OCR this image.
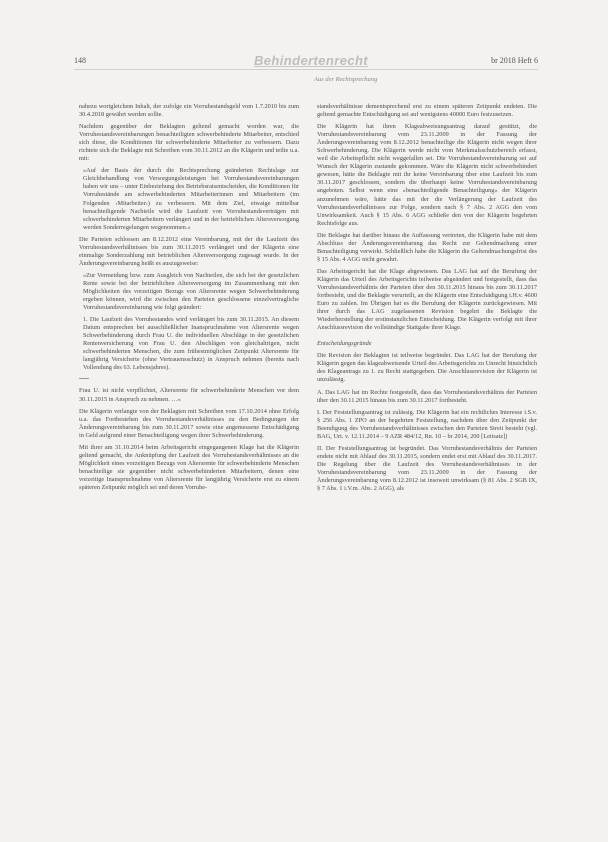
148	Behindertenrecht	br 2018 Heft 6
Aus der Rechtsprechung

nahezu wortgleichem Inhalt, der zufolge ein Vorruhestandsgeld vom 1.7.2010 bis zum 30.4.2018 gewährt werden sollte.

Nachdem gegenüber der Beklagten geltend gemacht worden war, die Vorruhestandsvereinbarungen benachteiligten schwerbehinderte Mitarbeiter, entschied sich diese, die Konditionen für schwerbehinderte Mitarbeiter zu verbessern. Dazu richtete sich die Beklagte mit Schreiben vom 30.11.2012 an die Klägerin und teilte u.a. mit:

»Auf der Basis der durch die Rechtsprechung geänderten Rechtslage zur Gleichbehandlung von Versorgungsleistungen bei Vorruhestandsvereinbarungen haben wir uns – unter Einbeziehung des Betriebsratsentscheiden, die Konditionen für Vorruhestände am schwerbehinderten Mitarbeiterinnen und Mitarbeitern (im Folgenden ›Mitarbeiter‹) zu verbessern. Mit dem Ziel, etwaige mittelbar benachteiligende Nachteile wird die Laufzeit von Vorruhestandsverträgen mit schwerbehinderten Mitarbeitern verlängert und in der betrieblichen Altersversorgung werden Sonderregelungen wegenommen.«

Die Parteien schlossen am 8.12.2012 eine Vereinbarung, mit der die Laufzeit des Vorruhestandsverhältnisses bis zum 30.11.2015 verlängert und der Klägerin eine einmalige Sonderzahlung mit betrieblichen Altersversorgung zugesagt wurde. In der Änderungsvereinbarung heißt es auszugsweise:

»Zur Vermeidung bzw. zum Ausgleich von Nachteilen, die sich bei der gesetzlichen Rente sowie bei der betrieblichen Altersversorgung im Zusammenhang mit den Möglichkeiten des vorzeitigen Bezugs von Altersrente wegen Schwerbehinderung ergeben können, wird die zwischen den Parteien geschlossene einzelvertragliche Vorruhestandsvereinbarung wie folgt geändert:

1. Die Laufzeit des Vorruhestandes wird verlängert bis zum 30.11.2015. An diesem Datum entsprechen bei ausschließlicher Inanspruchnahme von Altersrente wegen Schwerbehinderung durch Frau U. die individuellen Abschläge in der gesetzlichen Rentenversicherung von Frau U. den Abschlägen von gleichaltrigen, nicht schwerbehinderten Menschen, die zum frühestmöglichen Zeitpunkt Altersrente für langjährig Versicherte (ohne Vertrauensschutz) in Anspruch nehmen (bereits nach Vollendung des 63. Lebensjahres).

Frau U. ist nicht verpflichtet, Altersrente für schwerbehinderte Menschen vor dem 30.11.2015 in Anspruch zu nehmen. …«

Die Klägerin verlangte von der Beklagten mit Schreiben vom 17.10.2014 ohne Erfolg u.a. das Fortbestehen des Vorruhestandsverhältnisses zu den Bedingungen der Änderungsvereinbarung bis zum 30.11.2017 sowie eine angemessene Entschädigung in Geld aufgrund einer Benachteiligung wegen ihrer Schwerbehinderung.

Mit ihrer am 31.10.2014 beim Arbeitsgericht eingegangenen Klage hat die Klägerin geltend gemacht, die Anknüpfung der Laufzeit des Vorruhestandsverhältnisses an die Möglichkeit eines vorzeitigen Bezugs von Altersrente für schwerbehinderte Menschen benachteilige sie gegenüber nicht schwerbehinderten Mitarbeitern, denen eine vorzeitige Inanspruchnahme von Altersrente für langjährig Versicherte erst zu einem späteren Zeitpunkt möglich sei und deren Vorruhe-

standsverhältnisse dementsprechend erst zu einem späteren Zeitpunkt endeten. Die geltend gemachte Entschädigung sei auf wenigstens 40000 Euro festzusetzen.

Die Klägerin hat ihren Klageabweisungsantrag darauf gestützt, die Vorruhestandsvereinbarung vom 23.11.2009 in der Fassung der Änderungsvereinbarung vom 8.12.2012 benachteilige die Klägerin nicht wegen ihrer Schwerbehinderung. Die Klägerin werde nicht vom Merkmalsschutzbereich erfasst, weil die Arbeitspflicht nicht weggefallen sei. Die Vorruhestandsvereinbarung sei auf Wunsch der Klägerin zustande gekommen. Wäre die Klägerin nicht schwerbehindert gewesen, hätte die Beklagte mit ihr keine Vereinbarung über eine Laufzeit bis zum 30.11.2017 geschlossen, sondern die überhaupt keine Vorruhestandsvereinbarung angeboten. Selbst wenn eine »benachteiligende Benachteiligung« der Klägerin anzunehmen wäre, hätte das mit der die Verlängerung der Laufzeit des Vorruhestandsverhältnisses zur Folge, sondern nach § 7 Abs. 2 AGG den vom Unwirksamkeit. Auch § 15 Abs. 6 AGG schließe den von der Klägerin begehrten Rechtsfolge aus.

Die Beklagte hat darüber hinaus die Auffassung vertreten, die Klägerin habe mit dem Abschluss der Änderungsvereinbarung das Recht zur Geltendmachung einer Benachteiligung verwirkt. Schließlich habe die Klägerin die Geltendmachungsfrist des § 15 Abs. 4 AGG nicht gewahrt.

Das Arbeitsgericht hat die Klage abgewiesen. Das LAG hat auf die Berufung der Klägerin das Urteil des Arbeitsgerichts teilweise abgeändert und festgestellt, dass das Vorruhestandsverhältnis der Parteien über den 30.11.2015 hinaus bis zum 30.11.2017 fortbesteht, und die Beklagte verurteilt, an die Klägerin eine Entschädigung i.H.v. 4600 Euro zu zahlen. Im Übrigen hat es die Berufung der Klägerin zurückgewiesen. Mit ihrer durch das LAG zugelassenen Revision begehrt die Beklagte die Wiederherstellung der erstinstanzlichen Entscheidung. Die Klägerin verfolgt mit ihrer Anschlussrevision die vollständige Stattgabe ihrer Klage.

Entscheidungsgründe

Die Revision der Beklagten ist teilweise begründet. Das LAG hat der Berufung der Klägerin gegen das klageabweisende Urteil des Arbeitsgerichts zu Unrecht hinsichtlich des Klageantrags zu 1. zu Recht stattgegeben. Die Anschlussrevision der Klägerin ist unzulässig.

A. Das LAG hat im Rechte festgestellt, dass das Vorruhestandsverhältnis der Parteien über den 30.11.2015 hinaus bis zum 30.11.2017 fortbesteht.

I. Der Feststellungsantrag ist zulässig. Die Klägerin hat ein rechtliches Interesse i.S.v. § 256 Abs. 1 ZPO an der begehrten Feststellung, nachdem über den Zeitpunkt der Beendigung des Vorruhestandsverhältnisses zwischen den Parteien Streit besteht (vgl. BAG, Urt. v. 12.11.2014 – 9 AZR 484/12, Rn. 10 – br 2014, 200 [Leitsatz])

II. Der Feststellungsantrag ist begründet. Das Vorruhestandsverhältnis der Parteien endete nicht mit Ablauf des 30.11.2015, sondern endet erst mit Ablauf des 30.11.2017. Die Regelung über die Laufzeit des Vorruhestandsverhältnisses in der Vorruhestandsvereinbarung vom 23.11.2009 in der Fassung der Änderungsvereinbarung vom 8.12.2012 ist insoweit unwirksam (§ 81 Abs. 2 SGB IX, § 7 Abs. 1 i.V.m. Abs. 2 AGG), als
